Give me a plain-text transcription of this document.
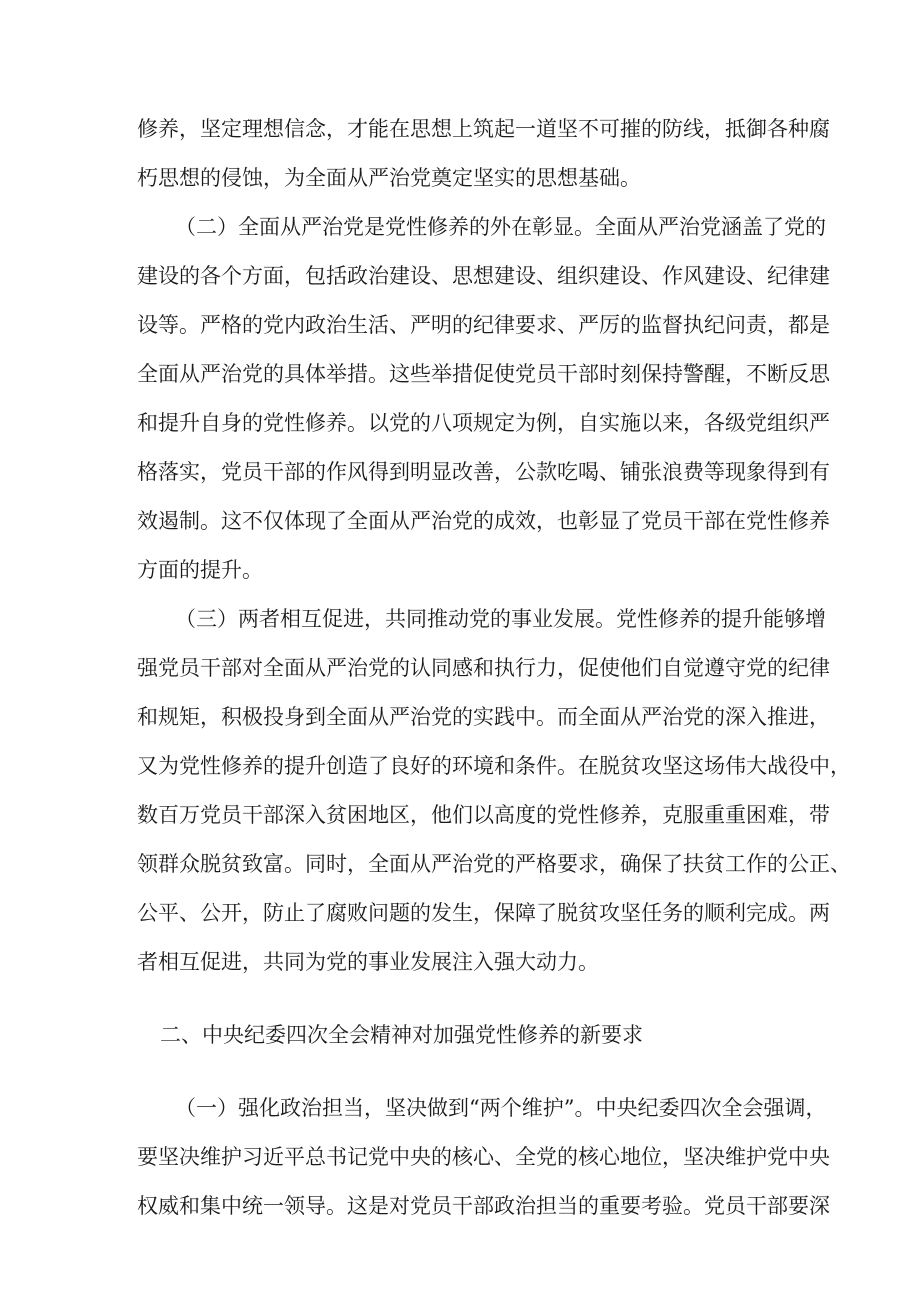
修养，坚定理想信念，才能在思想上筑起一道坚不可摧的防线，抵御各种腐
朽思想的侵蚀，为全面从严治党奠定坚实的思想基础。
（二）全面从严治党是党性修养的外在彰显。全面从严治党涵盖了党的
建设的各个方面，包括政治建设、思想建设、组织建设、作风建设、纪律建
设等。严格的党内政治生活、严明的纪律要求、严厉的监督执纪问责，都是
全面从严治党的具体举措。这些举措促使党员干部时刻保持警醒，不断反思
和提升自身的党性修养。以党的八项规定为例，自实施以来，各级党组织严
格落实，党员干部的作风得到明显改善，公款吃喝、铺张浪费等现象得到有
效遏制。这不仅体现了全面从严治党的成效，也彰显了党员干部在党性修养
方面的提升。
（三）两者相互促进，共同推动党的事业发展。党性修养的提升能够增
强党员干部对全面从严治党的认同感和执行力，促使他们自觉遵守党的纪律
和规矩，积极投身到全面从严治党的实践中。而全面从严治党的深入推进，
又为党性修养的提升创造了良好的环境和条件。在脱贫攻坚这场伟大战役中，
数百万党员干部深入贫困地区，他们以高度的党性修养，克服重重困难，带
领群众脱贫致富。同时，全面从严治党的严格要求，确保了扶贫工作的公正、
公平、公开，防止了腐败问题的发生，保障了脱贫攻坚任务的顺利完成。两
者相互促进，共同为党的事业发展注入强大动力。
二、中央纪委四次全会精神对加强党性修养的新要求
（一）强化政治担当，坚决做到“两个维护”。中央纪委四次全会强调，
要坚决维护习近平总书记党中央的核心、全党的核心地位，坚决维护党中央
权威和集中统一领导。这是对党员干部政治担当的重要考验。党员干部要深
